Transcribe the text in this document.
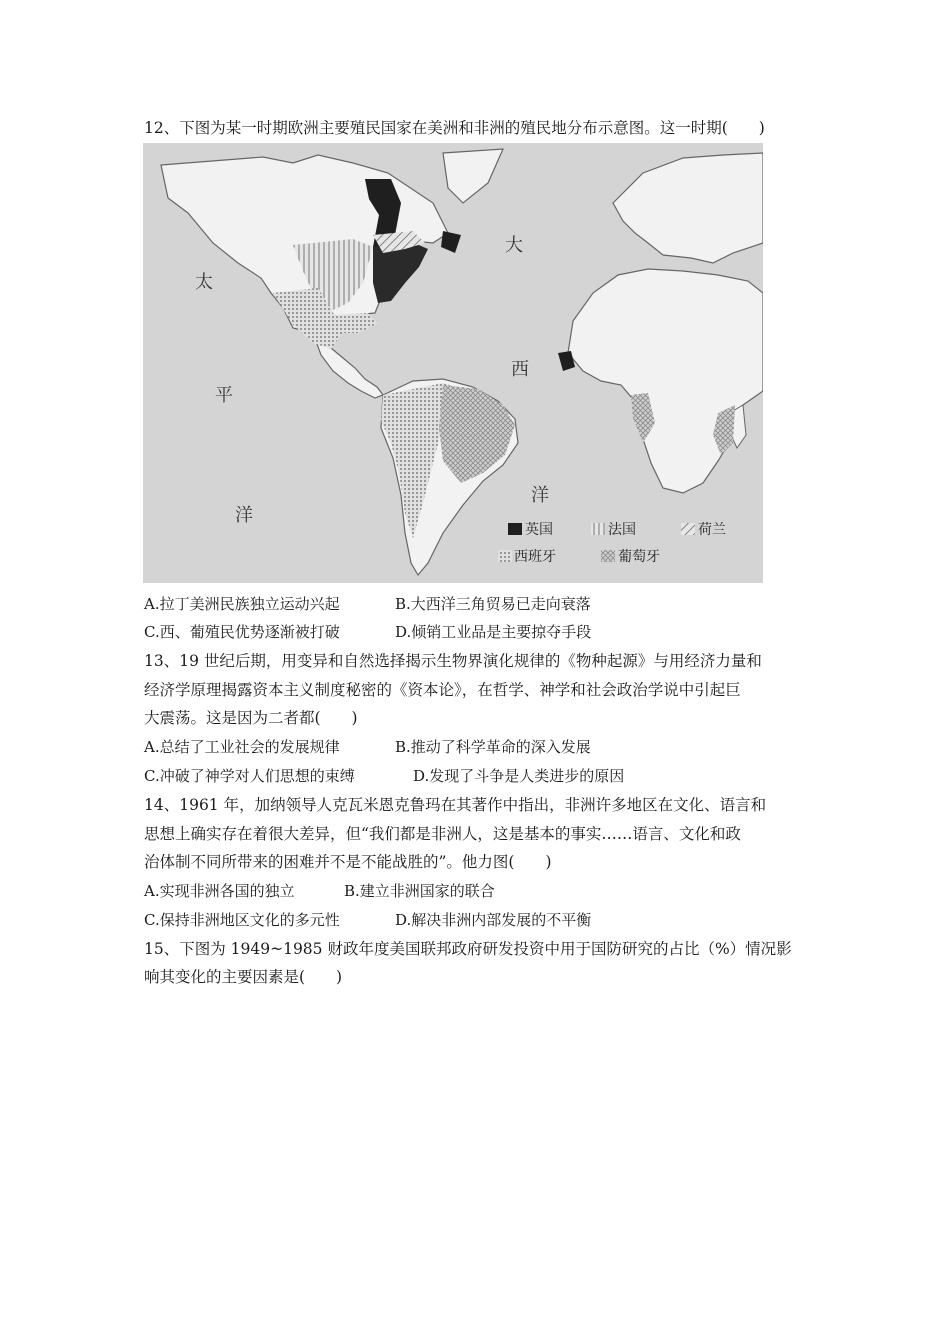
12、下图为某一时期欧洲主要殖民国家在美洲和非洲的殖民地分布示意图。这一时期(　　)
太
平
洋
大
西
洋
英国	法国	荷兰
西班牙	葡萄牙
A.拉丁美洲民族独立运动兴起	B.大西洋三角贸易已走向衰落
C.西、葡殖民优势逐渐被打破	D.倾销工业品是主要掠夺手段
13、19 世纪后期，用变异和自然选择揭示生物界演化规律的《物种起源》与用经济力量和
经济学原理揭露资本主义制度秘密的《资本论》，在哲学、神学和社会政治学说中引起巨
大震荡。这是因为二者都(　　)
A.总结了工业社会的发展规律	B.推动了科学革命的深入发展
C.冲破了神学对人们思想的束缚	D.发现了斗争是人类进步的原因
14、1961 年，加纳领导人克瓦米恩克鲁玛在其著作中指出，非洲许多地区在文化、语言和
思想上确实存在着很大差异，但“我们都是非洲人，这是基本的事实……语言、文化和政
治体制不同所带来的困难并不是不能战胜的”。他力图(　　)
A.实现非洲各国的独立	B.建立非洲国家的联合
C.保持非洲地区文化的多元性	D.解决非洲内部发展的不平衡
15、下图为 1949~1985 财政年度美国联邦政府研发投资中用于国防研究的占比（%）情况影
响其变化的主要因素是(　　)
